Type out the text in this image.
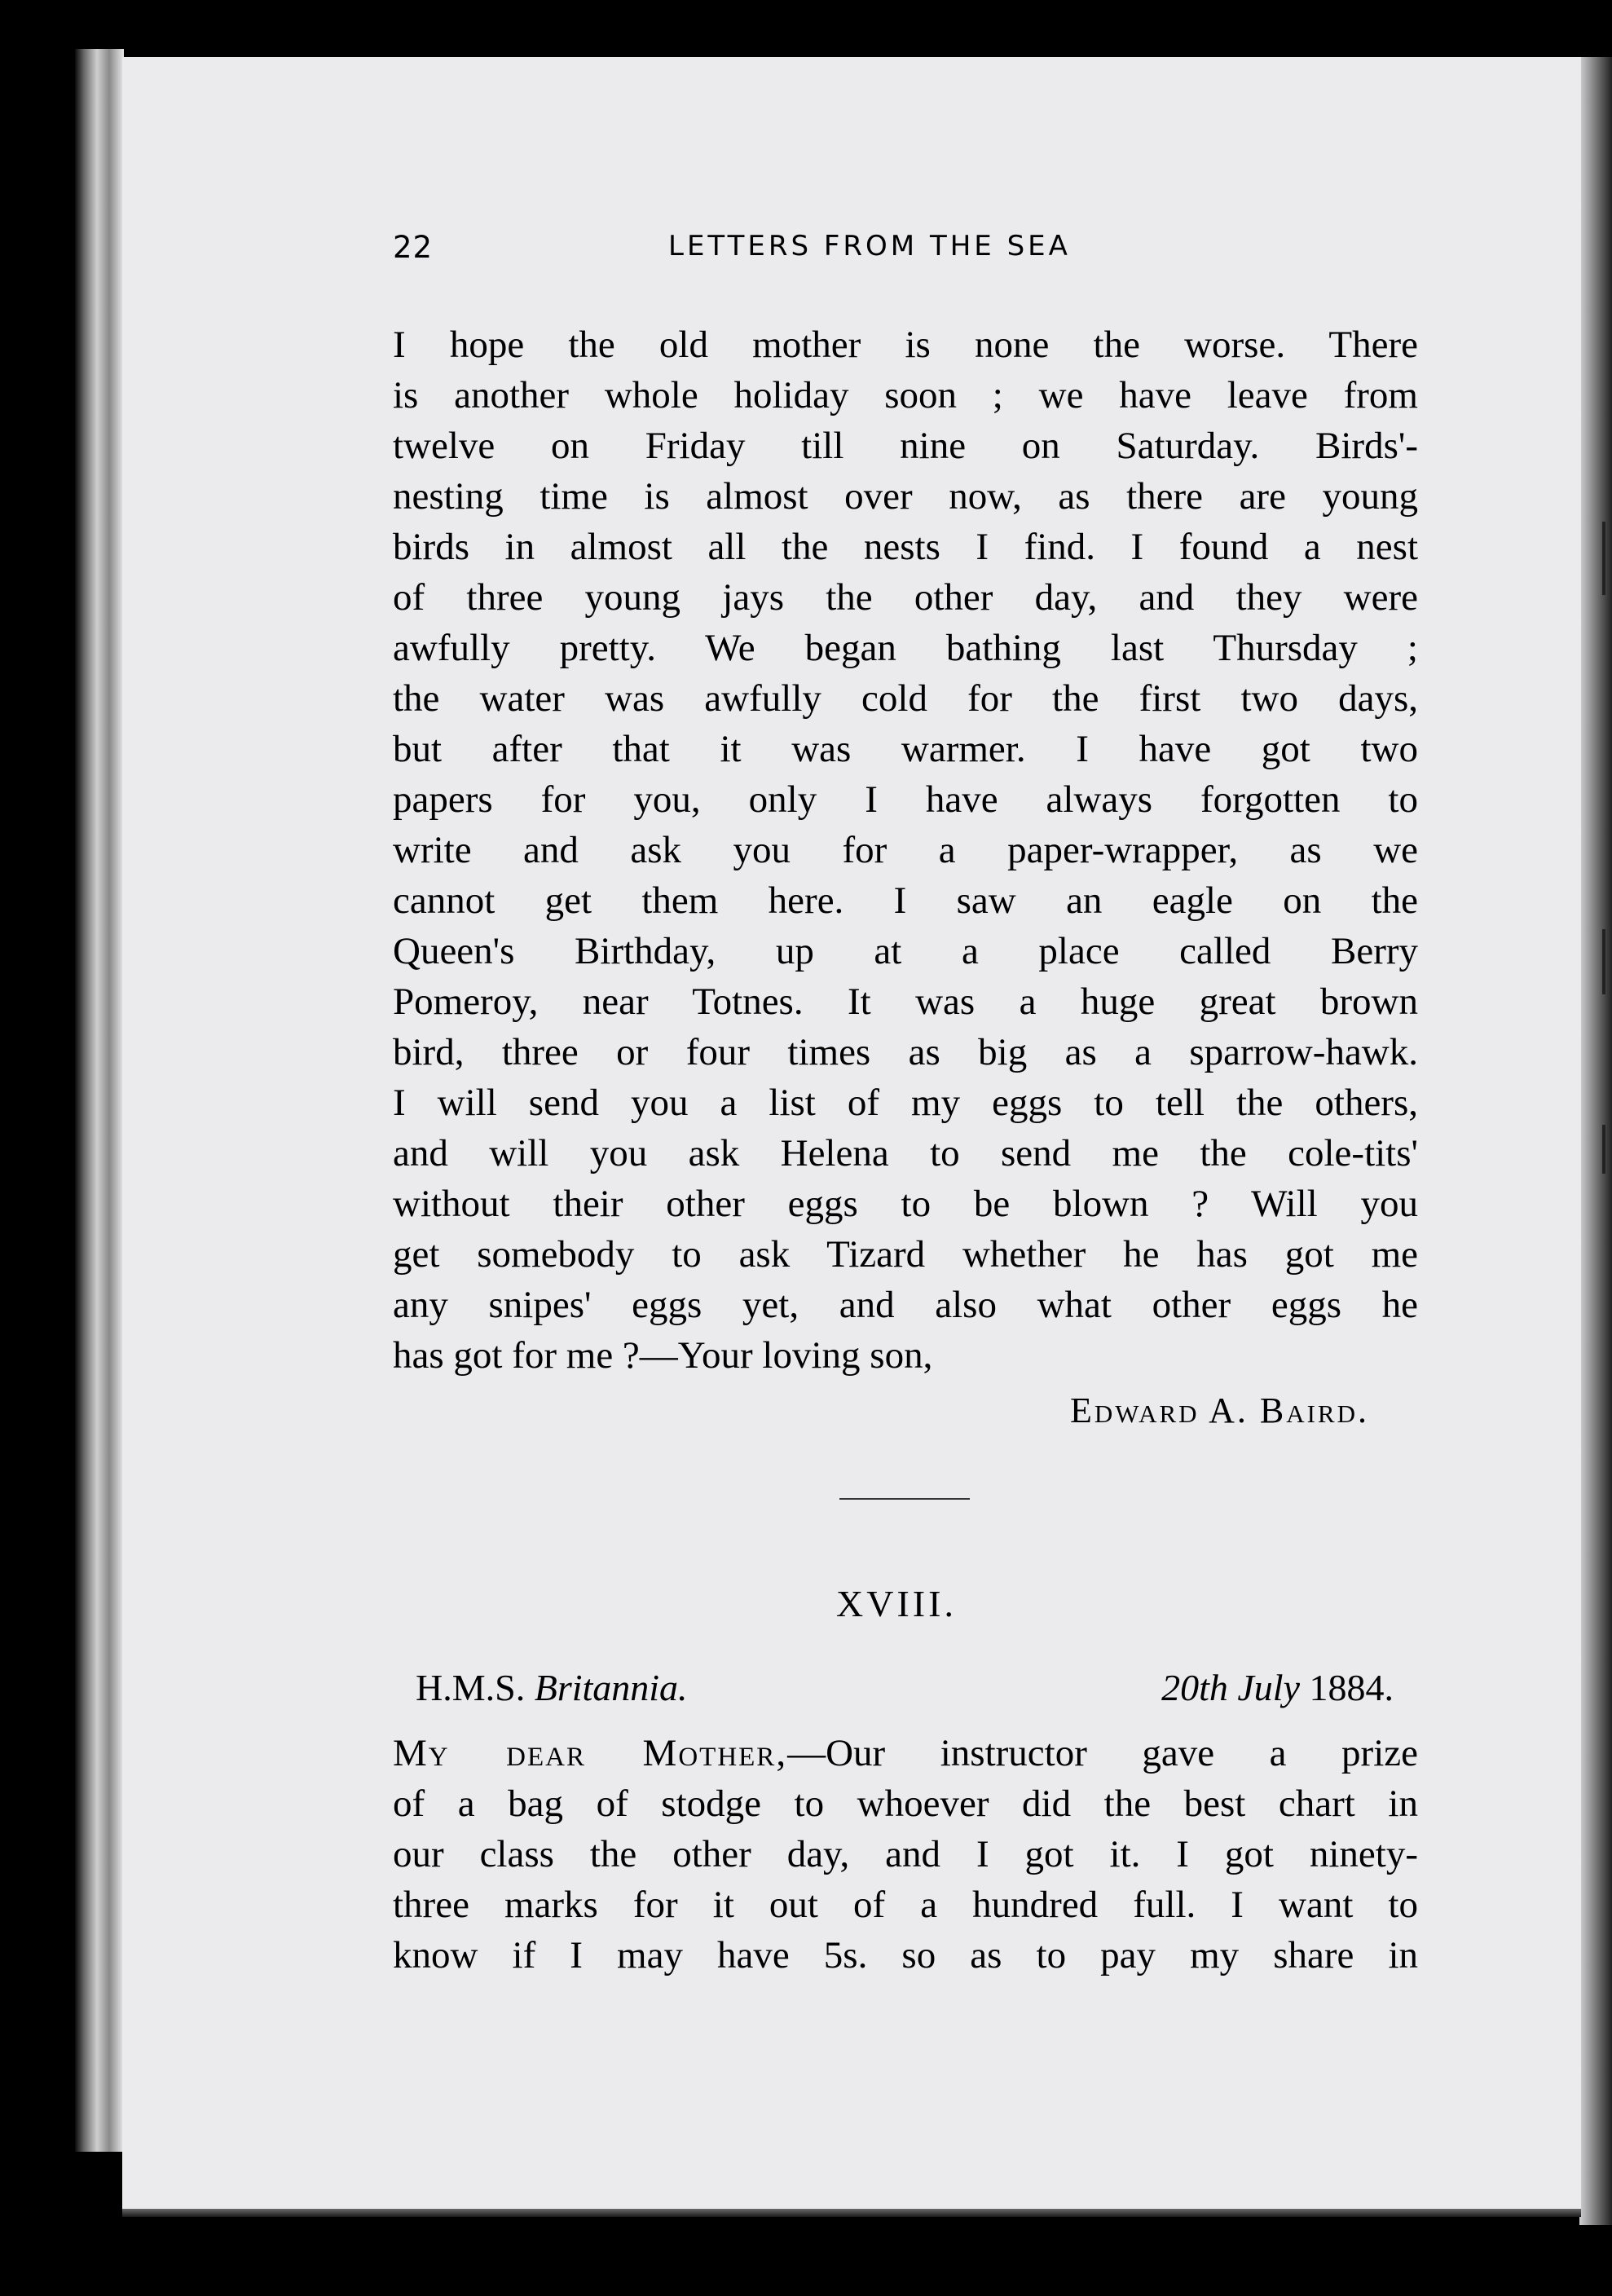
22	LETTERS FROM THE SEA
I hope the old mother is none the worse. There
is another whole holiday soon ; we have leave from
twelve on Friday till nine on Saturday. Birds'-
nesting time is almost over now, as there are young
birds in almost all the nests I find. I found a nest
of three young jays the other day, and they were
awfully pretty. We began bathing last Thursday ;
the water was awfully cold for the first two days,
but after that it was warmer. I have got two
papers for you, only I have always forgotten to
write and ask you for a paper-wrapper, as we
cannot get them here. I saw an eagle on the
Queen's Birthday, up at a place called Berry
Pomeroy, near Totnes. It was a huge great brown
bird, three or four times as big as a sparrow-hawk.
I will send you a list of my eggs to tell the others,
and will you ask Helena to send me the cole-tits'
without their other eggs to be blown ? Will you
get somebody to ask Tizard whether he has got me
any snipes' eggs yet, and also what other eggs he
has got for me ?—Your loving son,
Edward A. Baird.
XVIII.
H.M.S. Britannia.	20th July 1884.
My dear Mother,—Our instructor gave a prize
of a bag of stodge to whoever did the best chart in
our class the other day, and I got it. I got ninety-
three marks for it out of a hundred full. I want to
know if I may have 5s. so as to pay my share in
